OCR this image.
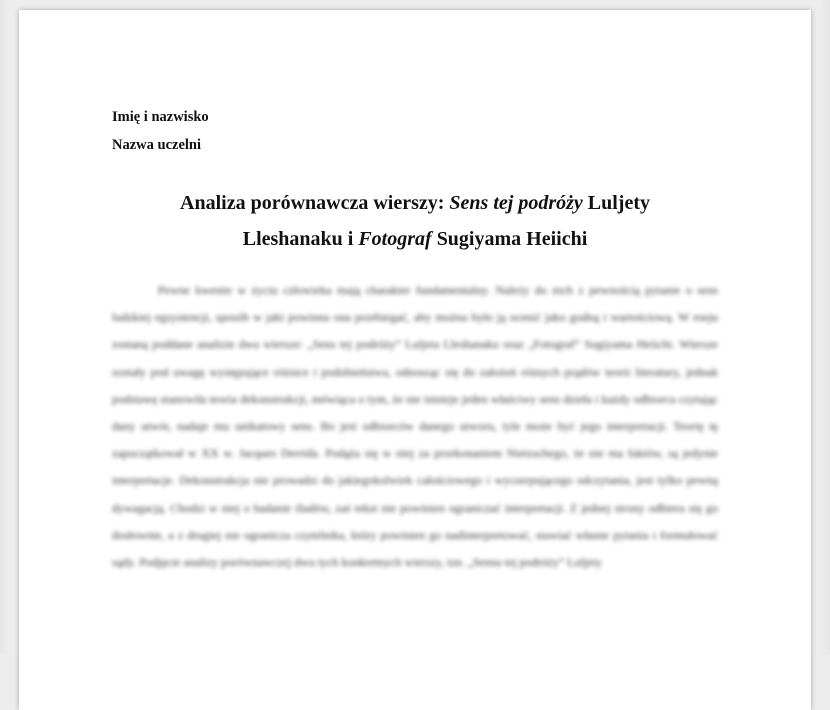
Imię i nazwisko
Nazwa uczelni
Analiza porównawcza wierszy: Sens tej podróży Luljety
Lleshanaku i Fotograf Sugiyama Heiichi

Pewne kwestie w życiu człowieka mają charakter fundamentalny. Należy do nich z pewnością pytanie o sens ludzkiej egzystencji, sposób w jaki powinna ona przebiegać, aby można było ją ocenić jako godną i wartościową. W eseju zostaną poddane analizie dwa wiersze: „Sens tej podróży” Luljeta Lleshanaku oraz „Fotograf” Sugiyama Heiichi. Wiersze zostały pod uwagę występujące różnice i podobieństwa, odnosząc się do założeń różnych prądów teorii literatury, jednak podstawę stanowiła teoria dekonstrukcji, mówiąca o tym, że nie istnieje jeden właściwy sens dzieła i każdy odbiorca czytając dany utwór, nadaje mu unikatowy sens. Bo jest odbiorców danego utworu, tyle może być jego interpretacji. Teorię tę zapoczątkował w XX w. Jacques Derrida. Podąża się w niej za przekonaniem Nietzschego, że nie ma faktów, są jedynie interpretacje. Dekonstrukcja nie prowadzi do jakiegokolwiek całościowego i wyczerpującego odczytania, jest tylko pewną dywagacją. Chodzi w niej o badanie śladów, zaś tekst nie powinien ograniczać interpretacji. Z jednej strony odbiera się go dosłownie, a z drugiej nie ogranicza czytelnika, który powinien go nadinterpretować, stawiać własne pytania i formułować sądy. Podjęcie analizy porównawczej dwu tych konkretnych wierszy, tzn. „Sensu tej podróży” Luljety
